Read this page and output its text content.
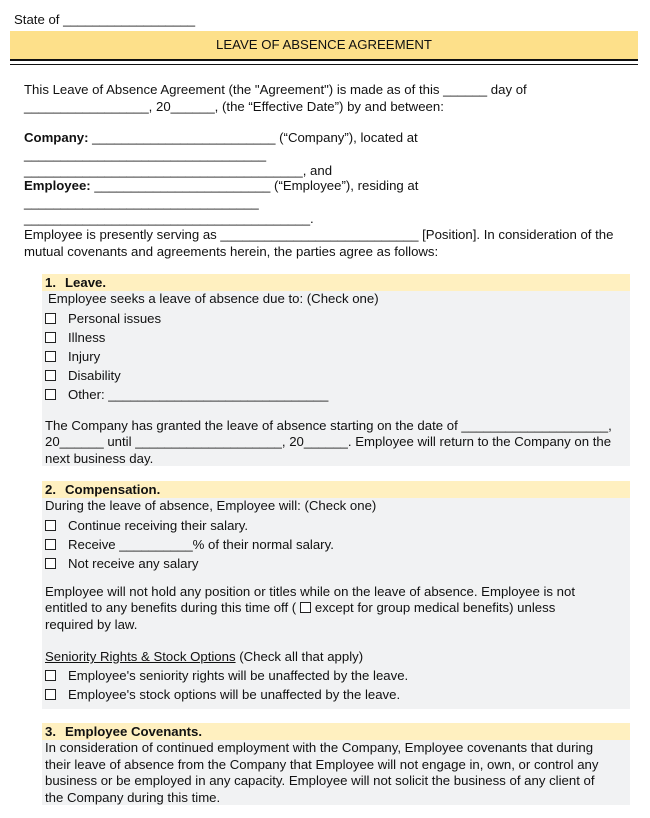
State of __________________
LEAVE OF ABSENCE AGREEMENT
This Leave of Absence Agreement (the "Agreement") is made as of this ______ day of
_________________, 20______, (the “Effective Date”) by and between:
Company: _________________________ (“Company”), located at _________________________________
______________________________________, and
Employee: ________________________ (“Employee”), residing at ________________________________
_______________________________________.
Employee is presently serving as ___________________________ [Position]. In consideration of the
mutual covenants and agreements herein, the parties agree as follows:
1. Leave.
Employee seeks a leave of absence due to: (Check one)
Personal issues
Illness
Injury
Disability
Other: ______________________________
The Company has granted the leave of absence starting on the date of ____________________,
20______ until ____________________, 20______. Employee will return to the Company on the
next business day.
2. Compensation.
During the leave of absence, Employee will: (Check one)
Continue receiving their salary.
Receive __________% of their normal salary.
Not receive any salary
Employee will not hold any position or titles while on the leave of absence. Employee is not
entitled to any benefits during this time off ( except for group medical benefits) unless
required by law.
Seniority Rights & Stock Options (Check all that apply)
Employee's seniority rights will be unaffected by the leave.
Employee's stock options will be unaffected by the leave.
3. Employee Covenants.
In consideration of continued employment with the Company, Employee covenants that during
their leave of absence from the Company that Employee will not engage in, own, or control any
business or be employed in any capacity. Employee will not solicit the business of any client of
the Company during this time.
